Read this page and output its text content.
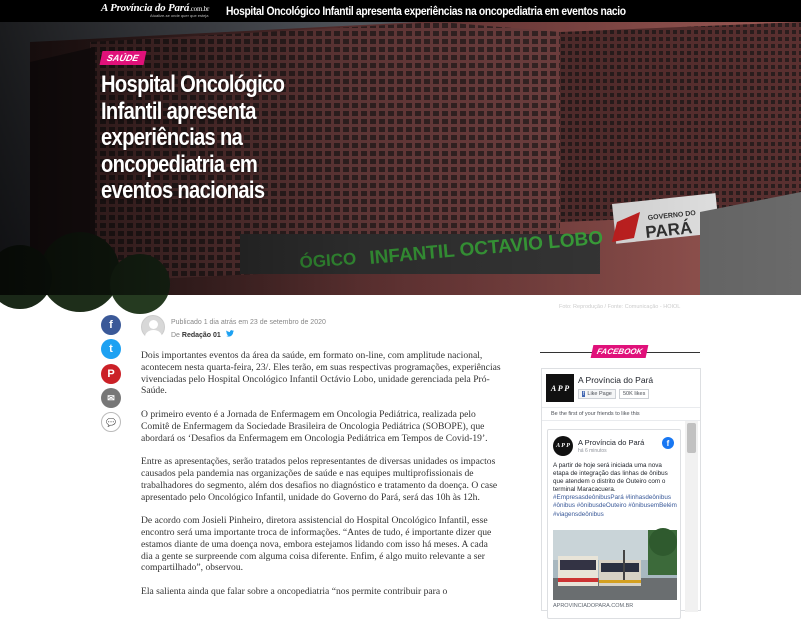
A Província do Pará.com.br
Atualize-se onde quer que esteja Hospital Oncológico Infantil apresenta experiências na oncopediatria em eventos nacio
SAÚDE
Hospital Oncológico Infantil apresenta experiências na oncopediatria em eventos nacionais
Foto: Reprodução / Fonte: Comunicação - HOIOL
f
t
P
✉
💬
Publicado 1 dia atrás em 23 de setembro de 2020
De Redação 01

Dois importantes eventos da área da saúde, em formato on-line, com amplitude nacional, acontecem nesta quarta-feira, 23/. Eles terão, em suas respectivas programações, experiências vivenciadas pelo Hospital Oncológico Infantil Octávio Lobo, unidade gerenciada pela Pró-Saúde.

O primeiro evento é a Jornada de Enfermagem em Oncologia Pediátrica, realizada pelo Comitê de Enfermagem da Sociedade Brasileira de Oncologia Pediátrica (SOBOPE), que abordará os ‘Desafios da Enfermagem em Oncologia Pediátrica em Tempos de Covid-19’.

Entre as apresentações, serão tratados pelos representantes de diversas unidades os impactos causados pela pandemia nas organizações de saúde e nas equipes multiprofissionais de trabalhadores do segmento, além dos desafios no diagnóstico e tratamento da doença. O case apresentado pelo Oncológico Infantil, unidade do Governo do Pará, será das 10h às 12h.

De acordo com Josieli Pinheiro, diretora assistencial do Hospital Oncológico Infantil, esse encontro será uma importante troca de informações. “Antes de tudo, é importante dizer que estamos diante de uma doença nova, embora estejamos lidando com isso há meses. A cada dia a gente se surpreende com alguma coisa diferente. Enfim, é algo muito relevante a ser compartilhado”, observou.

Ela salienta ainda que falar sobre a oncopediatria “nos permite contribuir para o

FACEBOOK
A P P
A Província do Pará
f Like Page	50K likes
Be the first of your friends to like this
A P P	A Província do Pará
há 6 minutos
f
A partir de hoje será iniciada uma nova etapa de integração das linhas de ônibus que atendem o distrito de Outeiro com o terminal Maracacuera. #EmpresasdeônibusPará #linhasdeônibus #ônibus #ônibusdeOuteiro #ônibusemBelém #viagensdeônibus
APROVINCIADOPARA.COM.BR
